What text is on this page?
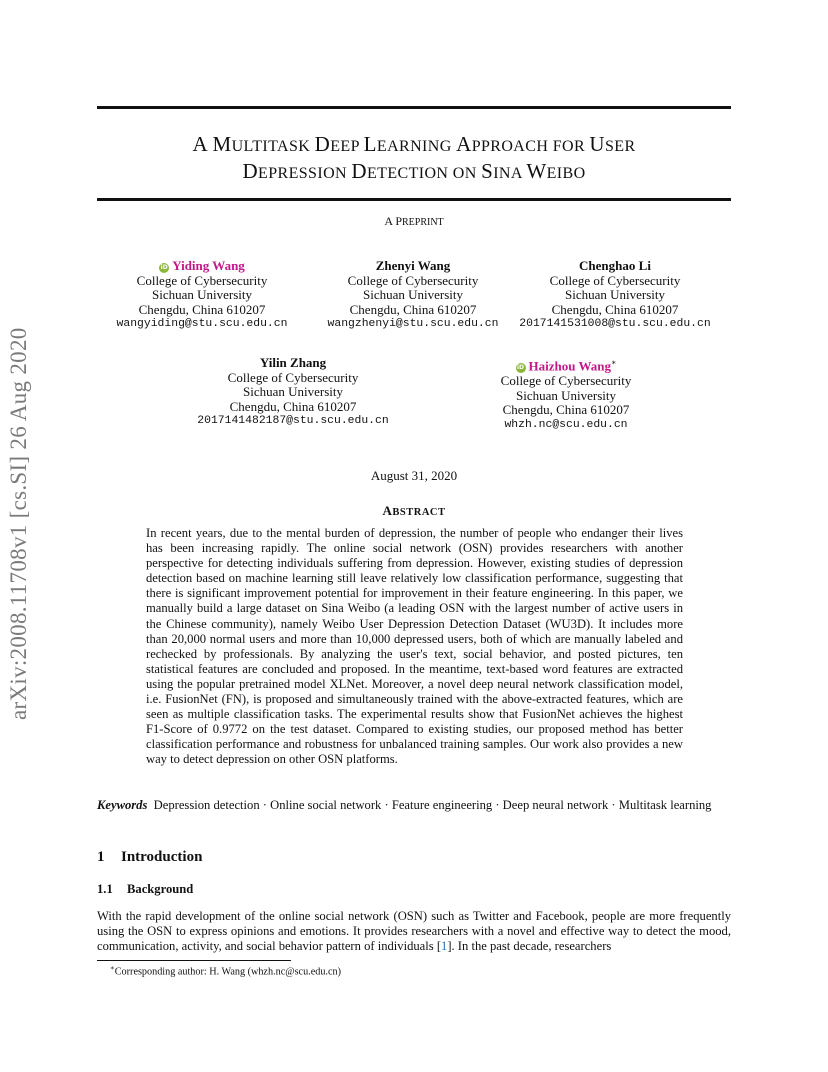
arXiv:2008.11708v1 [cs.SI] 26 Aug 2020
A MULTITASK DEEP LEARNING APPROACH FOR USER
DEPRESSION DETECTION ON SINA WEIBO
A PREPRINT
iD Yiding Wang
College of Cybersecurity
Sichuan University
Chengdu, China 610207
wangyiding@stu.scu.edu.cn
Zhenyi Wang
College of Cybersecurity
Sichuan University
Chengdu, China 610207
wangzhenyi@stu.scu.edu.cn
Chenghao Li
College of Cybersecurity
Sichuan University
Chengdu, China 610207
2017141531008@stu.scu.edu.cn
Yilin Zhang
College of Cybersecurity
Sichuan University
Chengdu, China 610207
2017141482187@stu.scu.edu.cn
iD Haizhou Wang∗
College of Cybersecurity
Sichuan University
Chengdu, China 610207
whzh.nc@scu.edu.cn
August 31, 2020
ABSTRACT
In recent years, due to the mental burden of depression, the number of people who endanger their lives has been increasing rapidly. The online social network (OSN) provides researchers with another perspective for detecting individuals suffering from depression. However, existing studies of depression detection based on machine learning still leave relatively low classification performance, suggesting that there is significant improvement potential for improvement in their feature engineering. In this paper, we manually build a large dataset on Sina Weibo (a leading OSN with the largest number of active users in the Chinese community), namely Weibo User Depression Detection Dataset (WU3D). It includes more than 20,000 normal users and more than 10,000 depressed users, both of which are manually labeled and rechecked by professionals. By analyzing the user's text, social behavior, and posted pictures, ten statistical features are concluded and proposed. In the meantime, text-based word features are extracted using the popular pretrained model XLNet. Moreover, a novel deep neural network classification model, i.e. FusionNet (FN), is proposed and simultaneously trained with the above-extracted features, which are seen as multiple classification tasks. The experimental results show that FusionNet achieves the highest F1-Score of 0.9772 on the test dataset. Compared to existing studies, our proposed method has better classification performance and robustness for unbalanced training samples. Our work also provides a new way to detect depression on other OSN platforms.
Keywords Depression detection · Online social network · Feature engineering · Deep neural network · Multitask learning
1 Introduction
1.1 Background
With the rapid development of the online social network (OSN) such as Twitter and Facebook, people are more frequently using the OSN to express opinions and emotions. It provides researchers with a novel and effective way to detect the mood, communication, activity, and social behavior pattern of individuals [1]. In the past decade, researchers
∗Corresponding author: H. Wang (whzh.nc@scu.edu.cn)
